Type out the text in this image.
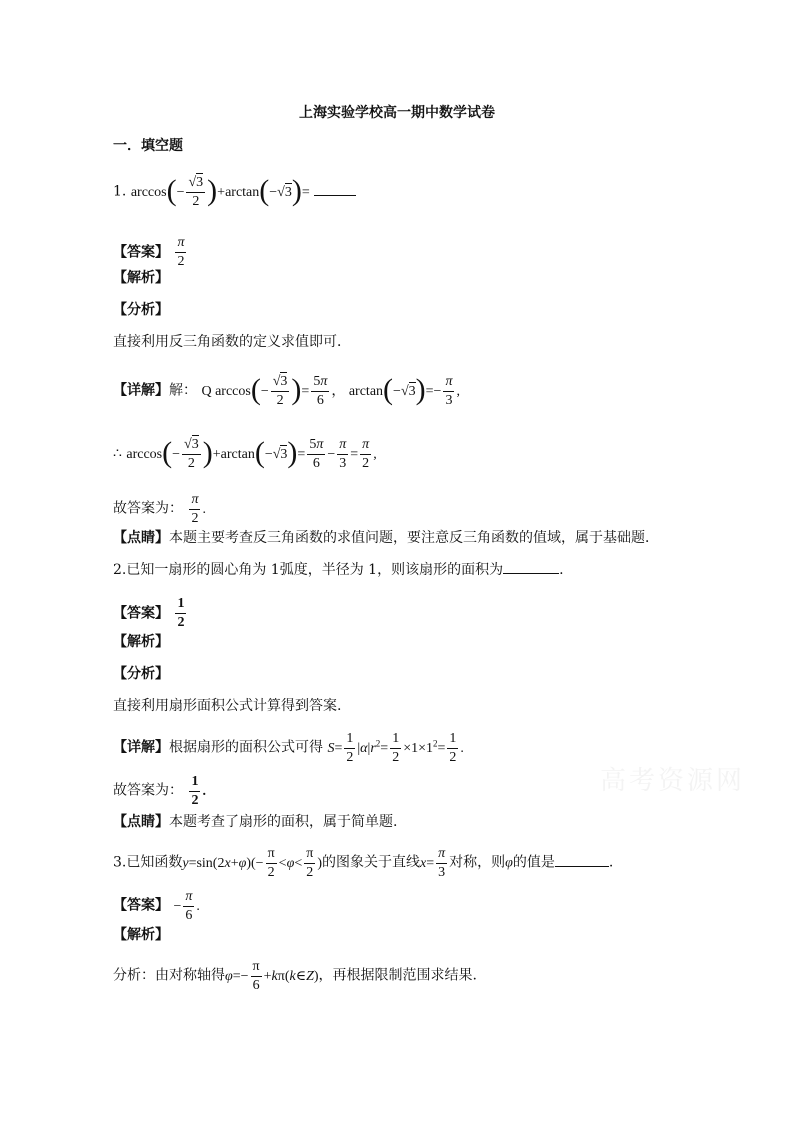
上海实验学校高一期中数学试卷
一．填空题
1. $\arccos(- \frac{√3}{2} )+\arctan(-√3)=$
【答案】 $\frac{\pi}{2}$
【解析】
【分析】
直接利用反三角函数的定义求值即可．
【详解】解： Q $\arccos(- \frac{√3}{2}$ )= $\frac{5\pi}{6}$ ， $\arctan(-√3)=- \frac{\pi}{3}$ ,
∴ $\arccos(- \frac{√3}{2} )+\arctan(-√3)= \frac{5\pi}{6} - \frac{\pi}{3} = \frac{\pi}{2}$ ,
故答案为： $\frac{\pi}{2}$ .
【点睛】本题主要考查反三角函数的求值问题，要注意反三角函数的值域，属于基础题．
2.已知一扇形的圆心角为 1弧度，半径为 1，则该扇形的面积为	.
【答案】 $\frac{1}{2}$
【解析】
【分析】
直接利用扇形面积公式计算得到答案.
【详解】根据扇形的面积公式可得 $S= \frac{1}{2} |\alpha|r^2= \frac{1}{2} \times 1\times 1^2= \frac{1}{2}$ .
故答案为： $\frac{1}{2}$ .
【点睛】本题考查了扇形的面积，属于简单题.
3.已知函数$y=\sin(2x+\varphi)(- \frac{\pi}{2} <\varphi< \frac{\pi}{2}$ )的图象关于直线$x= \frac{\pi}{3}$ 对称，则φ的值是	.
【答案】 − $\frac{\pi}{6}$ .
【解析】
分析：由对称轴得$\varphi=- \frac{\pi}{6}$ +kπ(k∈Z)，再根据限制范围求结果.
高考资源网
